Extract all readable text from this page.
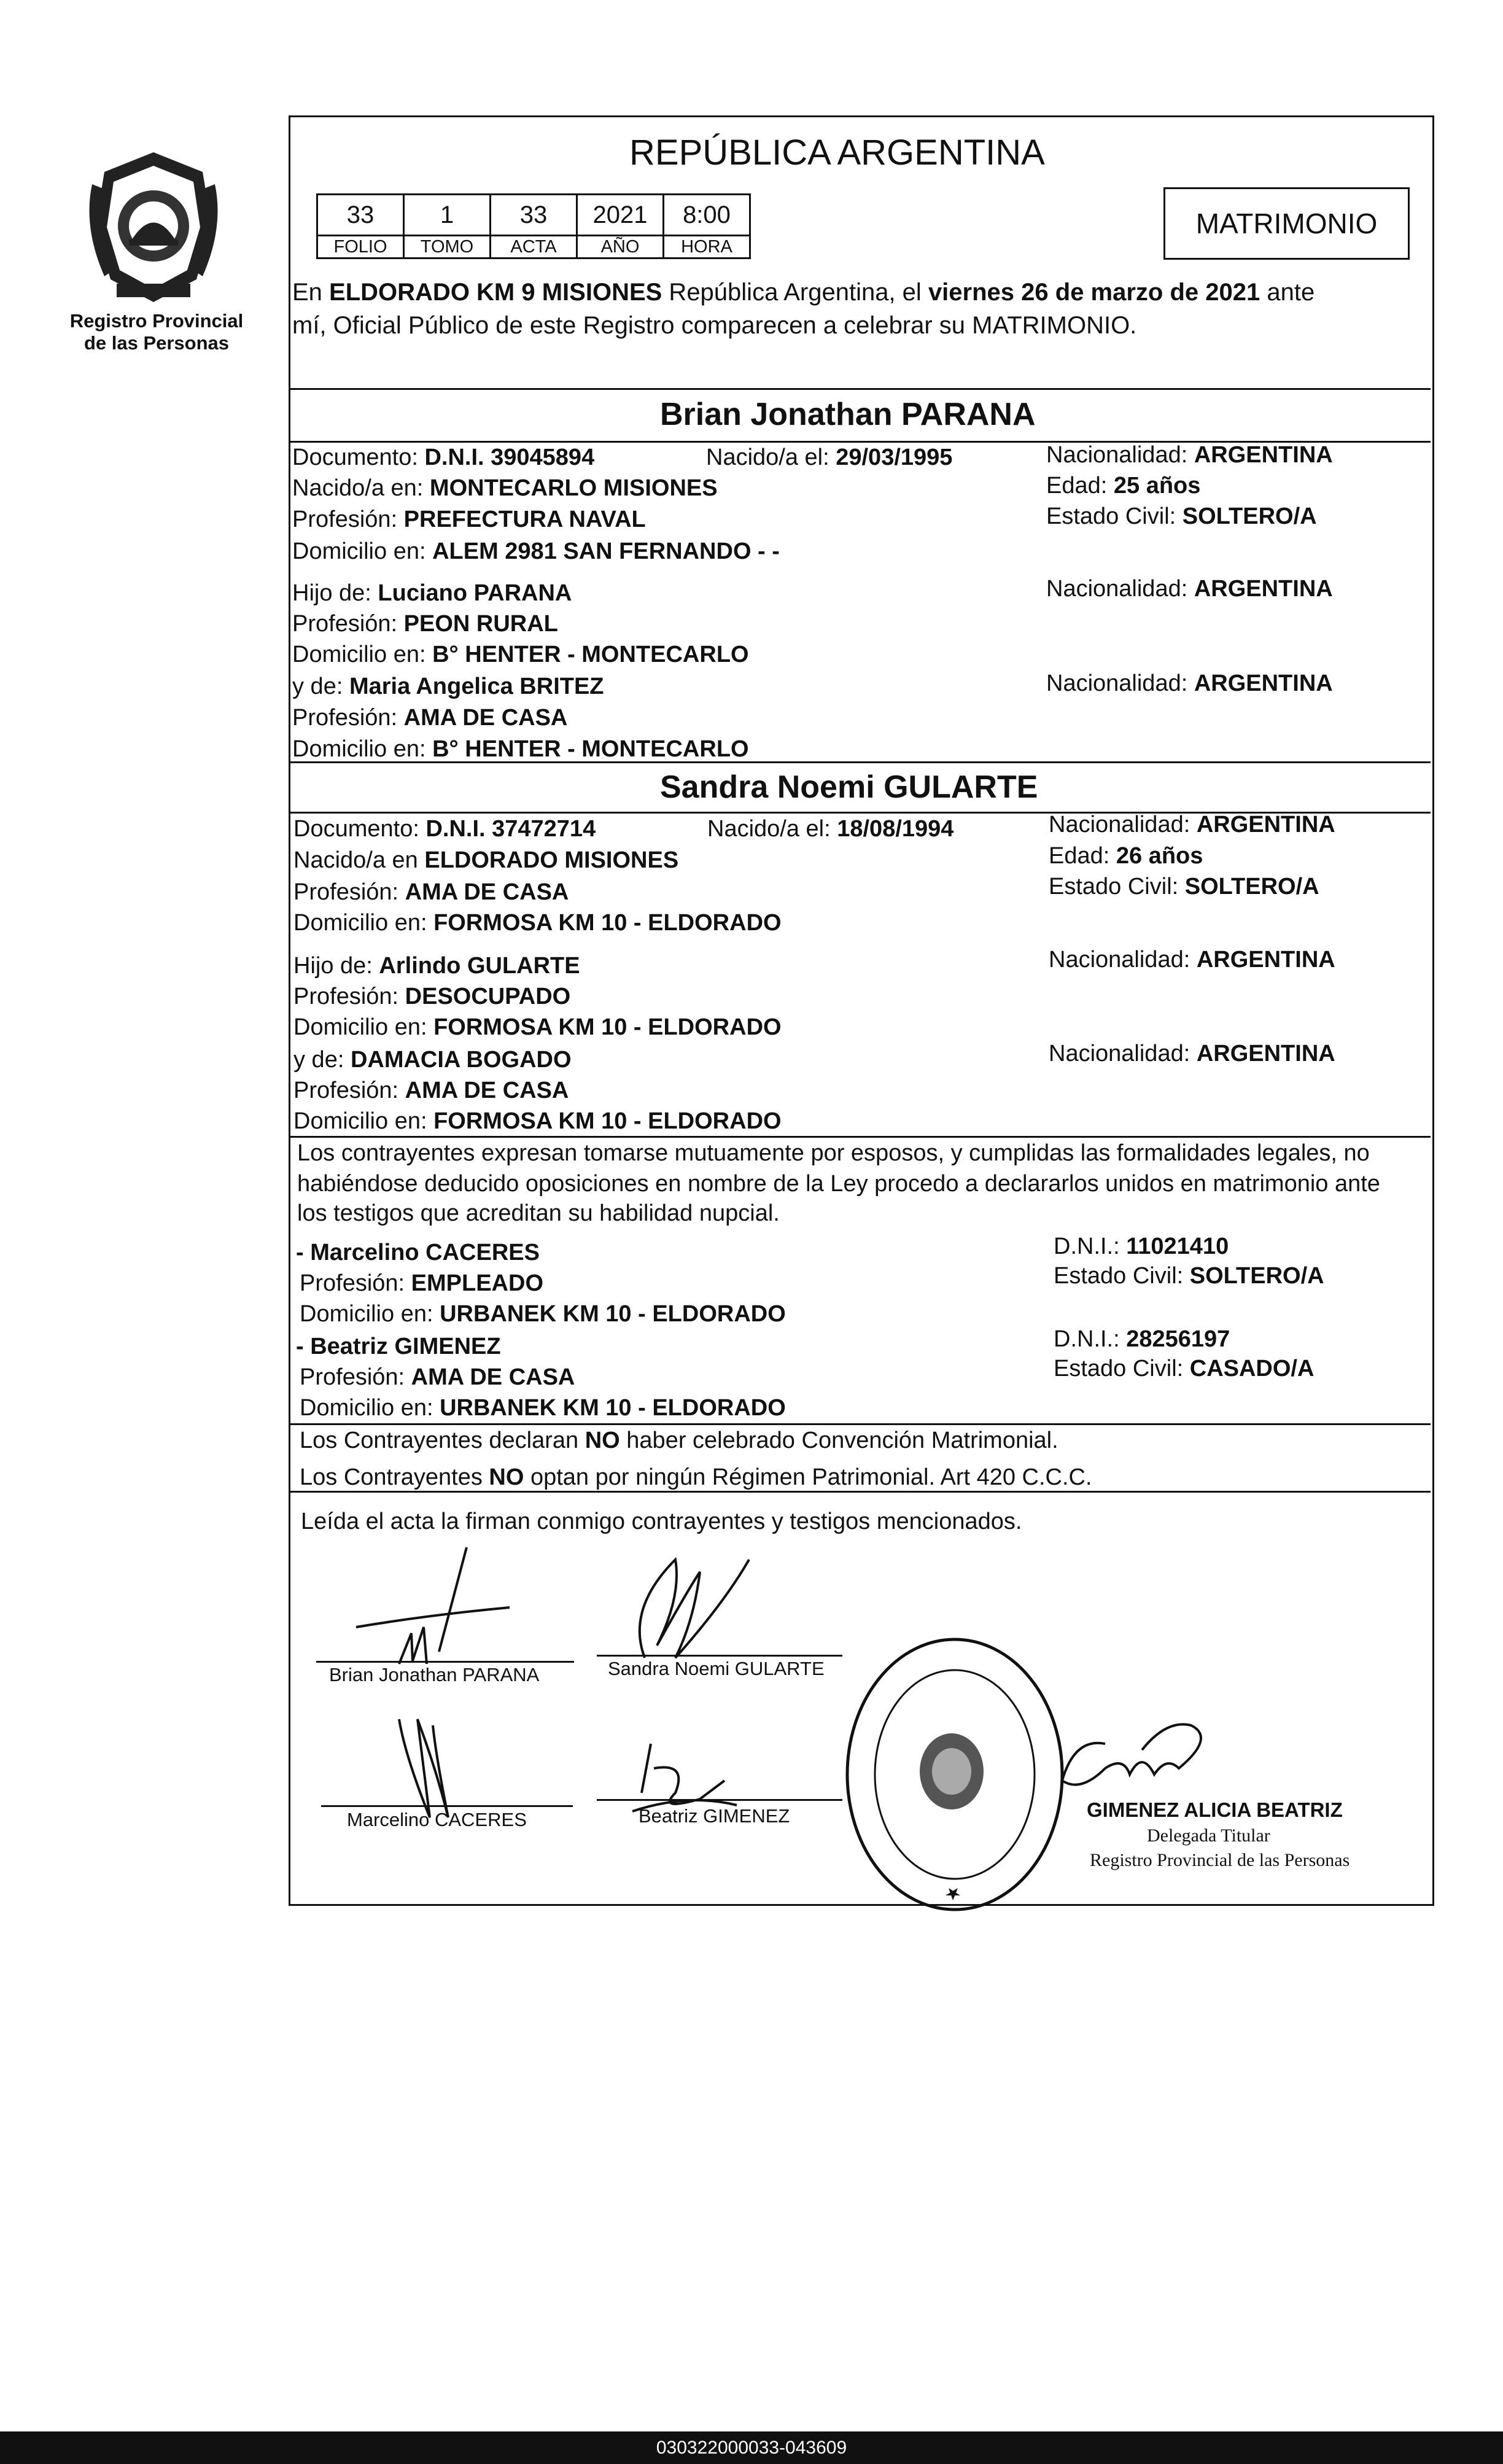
Registro Provincial
de las Personas
REPÚBLICA ARGENTINA
33	1	33	2021	8:00
FOLIO	TOMO	ACTA	AÑO	HORA
MATRIMONIO
En ELDORADO KM 9 MISIONES República Argentina, el viernes 26 de marzo de 2021 ante
mí, Oficial Público de este Registro comparecen a celebrar su MATRIMONIO.
Brian Jonathan PARANA
Documento: D.N.I. 39045894	Nacido/a el: 29/03/1995	Nacionalidad: ARGENTINA
Nacido/a en: MONTECARLO MISIONES	Edad: 25 años
Profesión: PREFECTURA NAVAL	Estado Civil: SOLTERO/A
Domicilio en: ALEM 2981 SAN FERNANDO - -
Hijo de: Luciano PARANA	Nacionalidad: ARGENTINA
Profesión: PEON RURAL
Domicilio en: B° HENTER - MONTECARLO
y de: Maria Angelica BRITEZ	Nacionalidad: ARGENTINA
Profesión: AMA DE CASA
Domicilio en: B° HENTER - MONTECARLO
Sandra Noemi GULARTE
Documento: D.N.I. 37472714	Nacido/a el: 18/08/1994	Nacionalidad: ARGENTINA
Nacido/a en ELDORADO MISIONES	Edad: 26 años
Profesión: AMA DE CASA	Estado Civil: SOLTERO/A
Domicilio en: FORMOSA KM 10 - ELDORADO
Hijo de: Arlindo GULARTE	Nacionalidad: ARGENTINA
Profesión: DESOCUPADO
Domicilio en: FORMOSA KM 10 - ELDORADO
y de: DAMACIA BOGADO	Nacionalidad: ARGENTINA
Profesión: AMA DE CASA
Domicilio en: FORMOSA KM 10 - ELDORADO
Los contrayentes expresan tomarse mutuamente por esposos, y cumplidas las formalidades legales, no
habiéndose deducido oposiciones en nombre de la Ley procedo a declararlos unidos en matrimonio ante
los testigos que acreditan su habilidad nupcial.
- Marcelino CACERES
Profesión: EMPLEADO
Domicilio en: URBANEK KM 10 - ELDORADO
D.N.I.: 11021410
Estado Civil: SOLTERO/A
- Beatriz GIMENEZ
Profesión: AMA DE CASA
Domicilio en: URBANEK KM 10 - ELDORADO
D.N.I.: 28256197
Estado Civil: CASADO/A
Los Contrayentes declaran NO haber celebrado Convención Matrimonial.
Los Contrayentes NO optan por ningún Régimen Patrimonial. Art 420 C.C.C.
Leída el acta la firman conmigo contrayentes y testigos mencionados.
Brian Jonathan PARANA	Sandra Noemi GULARTE
Marcelino CACERES	Beatriz GIMENEZ	GIMENEZ ALICIA BEATRIZ
Delegada Titular
Registro Provincial de las Personas
030322000033-043609
